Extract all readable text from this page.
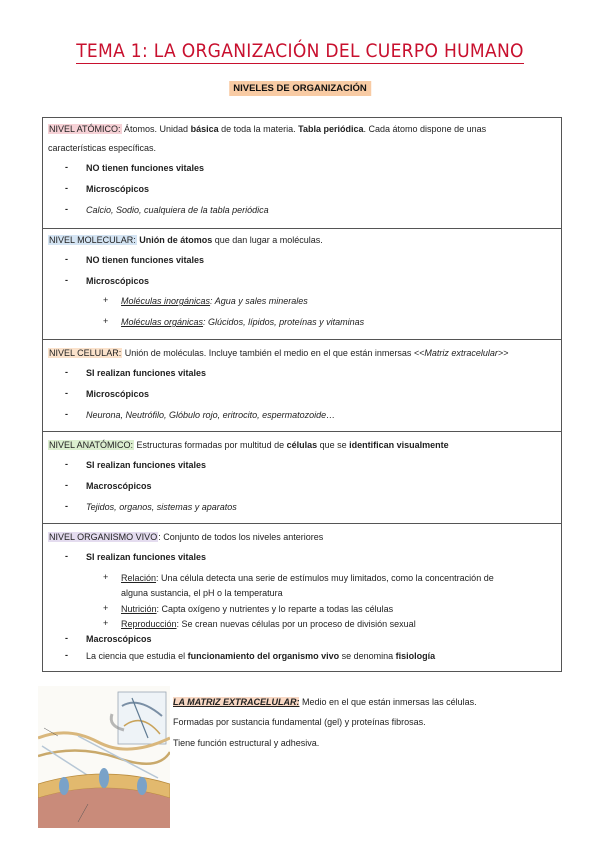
TEMA 1: LA ORGANIZACIÓN DEL CUERPO HUMANO
NIVELES DE ORGANIZACIÓN
NIVEL ATÓMICO: Átomos. Unidad básica de toda la materia. Tabla periódica. Cada átomo dispone de unas
características específicas.
- NO tienen funciones vitales
- Microscópicos
- Calcio, Sodio, cualquiera de la tabla periódica
NIVEL MOLECULAR: Unión de átomos que dan lugar a moléculas.
- NO tienen funciones vitales
- Microscópicos
+ Moléculas inorgánicas: Agua y sales minerales
+ Moléculas orgánicas: Glúcidos, lípidos, proteínas y vitaminas
NIVEL CELULAR: Unión de moléculas. Incluye también el medio en el que están inmersas <<Matriz extracelular>>
- SI realizan funciones vitales
- Microscópicos
- Neurona, Neutrófilo, Glóbulo rojo, eritrocito, espermatozoide…
NIVEL ANATÓMICO: Estructuras formadas por multitud de células que se identifican visualmente
- SI realizan funciones vitales
- Macroscópicos
- Tejidos, organos, sistemas y aparatos
NIVEL ORGANISMO VIVO: Conjunto de todos los niveles anteriores
- SI realizan funciones vitales
+ Relación: Una célula detecta una serie de estímulos muy limitados, como la concentración de
alguna sustancia, el pH o la temperatura
+ Nutrición: Capta oxígeno y nutrientes y lo reparte a todas las células
+ Reproducción: Se crean nuevas células por un proceso de división sexual
- Macroscópicos
- La ciencia que estudia el funcionamiento del organismo vivo se denomina fisiología
LA MATRIZ EXTRACELULAR: Medio en el que están inmersas las células.
Formadas por sustancia fundamental (gel) y proteínas fibrosas.
Tiene función estructural y adhesiva.
